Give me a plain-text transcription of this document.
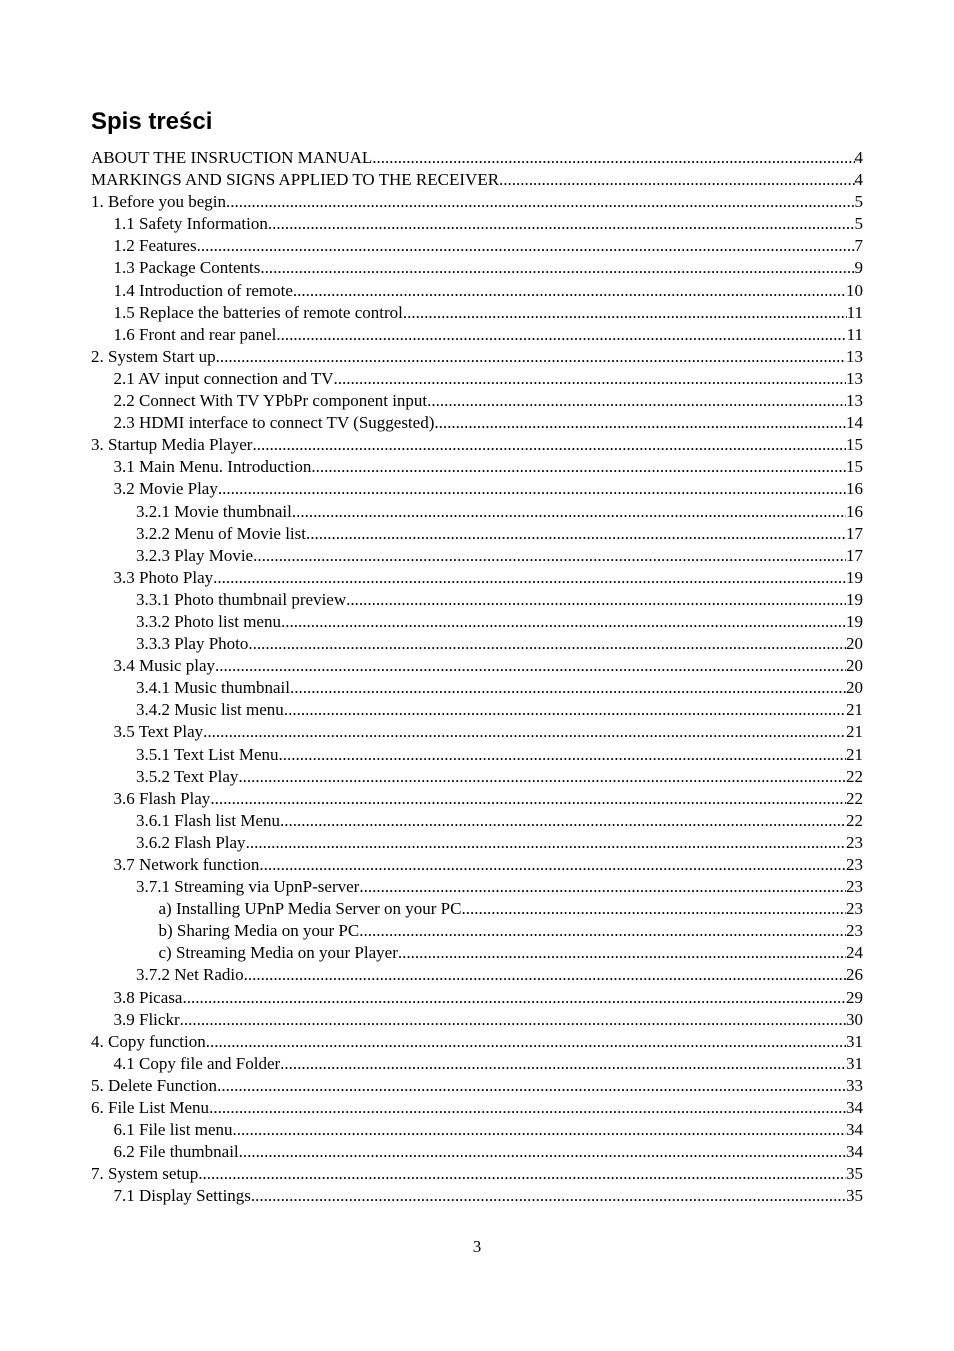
Spis treści
ABOUT THE INSRUCTION MANUAL .....	4
MARKINGS AND SIGNS APPLIED TO THE RECEIVER .....	4
1. Before you begin .....	5
1.1 Safety Information .....	5
1.2 Features .....	7
1.3 Package Contents .....	9
1.4 Introduction of remote .....	10
1.5 Replace the batteries of remote control .....	11
1.6 Front and rear panel .....	11
2. System Start up .....	13
2.1 AV input connection and TV .....	13
2.2 Connect With TV YPbPr component input .....	13
2.3 HDMI interface to connect TV (Suggested) .....	14
3. Startup Media Player .....	15
3.1 Main Menu. Introduction .....	15
3.2 Movie Play .....	16
3.2.1 Movie thumbnail .....	16
3.2.2 Menu of Movie list .....	17
3.2.3 Play Movie .....	17
3.3 Photo Play .....	19
3.3.1 Photo thumbnail preview .....	19
3.3.2 Photo list menu .....	19
3.3.3 Play Photo .....	20
3.4 Music play .....	20
3.4.1 Music thumbnail .....	20
3.4.2 Music list menu .....	21
3.5 Text Play .....	21
3.5.1 Text List Menu .....	21
3.5.2 Text Play .....	22
3.6 Flash Play .....	22
3.6.1 Flash list Menu .....	22
3.6.2 Flash Play .....	23
3.7 Network function .....	23
3.7.1 Streaming via UpnP-server .....	23
a) Installing UPnP Media Server on your PC .....	23
b) Sharing Media on your PC .....	23
c) Streaming Media on your Player .....	24
3.7.2 Net Radio .....	26
3.8 Picasa .....	29
3.9 Flickr .....	30
4. Copy function .....	31
4.1 Copy file and Folder .....	31
5. Delete Function .....	33
6. File List Menu .....	34
6.1 File list menu .....	34
6.2 File thumbnail .....	34
7. System setup .....	35
7.1 Display Settings .....	35
3
